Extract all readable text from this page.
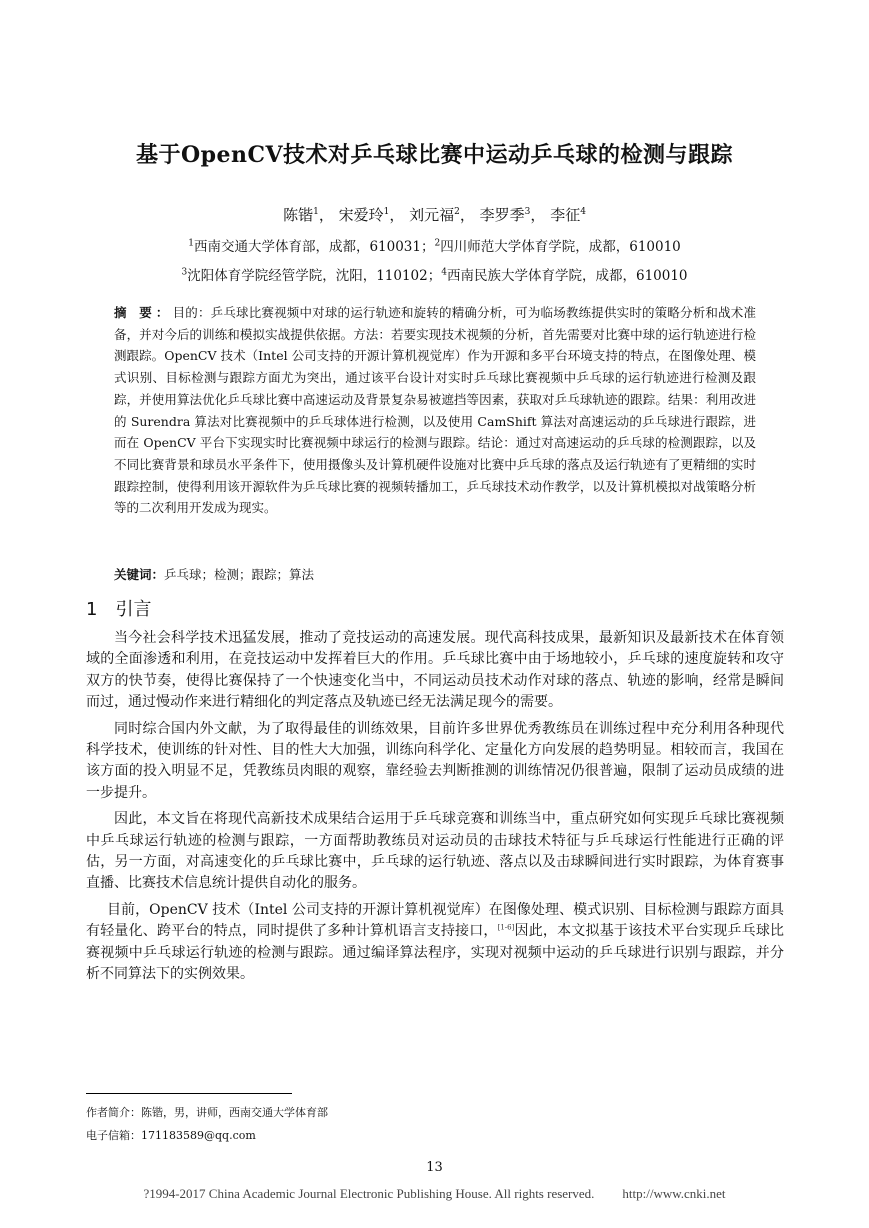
基于OpenCV技术对乒乓球比赛中运动乒乓球的检测与跟踪
陈锴$^1$， 宋爱玲$^1$， 刘元福$^2$， 李罗季$^3$， 李征$^4$
$^1$西南交通大学体育部，成都，610031；$^2$四川师范大学体育学院，成都，610010
$^3$沈阳体育学院经管学院，沈阳，110102；$^4$西南民族大学体育学院，成都，610010
摘 要：目的：乒乓球比赛视频中对球的运行轨迹和旋转的精确分析，可为临场教练提供实时的策略分析和战术准备，并对今后的训练和模拟实战提供依据。方法：若要实现技术视频的分析，首先需要对比赛中球的运行轨迹进行检测跟踪。OpenCV 技术（Intel 公司支持的开源计算机视觉库）作为开源和多平台环境支持的特点，在图像处理、模式识别、目标检测与跟踪方面尤为突出，通过该平台设计对实时乒乓球比赛视频中乒乓球的运行轨迹进行检测及跟踪，并使用算法优化乒乓球比赛中高速运动及背景复杂易被遮挡等因素，获取对乒乓球轨迹的跟踪。结果：利用改进的 Surendra 算法对比赛视频中的乒乓球体进行检测，以及使用 CamShift 算法对高速运动的乒乓球进行跟踪，进而在 OpenCV 平台下实现实时比赛视频中球运行的检测与跟踪。结论：通过对高速运动的乒乓球的检测跟踪，以及不同比赛背景和球员水平条件下，使用摄像头及计算机硬件设施对比赛中乒乓球的落点及运行轨迹有了更精细的实时跟踪控制，使得利用该开源软件为乒乓球比赛的视频转播加工，乒乓球技术动作教学，以及计算机模拟对战策略分析等的二次利用开发成为现实。
关键词：乒乓球；检测；跟踪；算法
1 引言

当今社会科学技术迅猛发展，推动了竞技运动的高速发展。现代高科技成果，最新知识及最新技术在体育领域的全面渗透和利用，在竞技运动中发挥着巨大的作用。乒乓球比赛中由于场地较小，乒乓球的速度旋转和攻守双方的快节奏，使得比赛保持了一个快速变化当中，不同运动员技术动作对球的落点、轨迹的影响，经常是瞬间而过，通过慢动作来进行精细化的判定落点及轨迹已经无法满足现今的需要。

同时综合国内外文献，为了取得最佳的训练效果，目前许多世界优秀教练员在训练过程中充分利用各种现代科学技术，使训练的针对性、目的性大大加强，训练向科学化、定量化方向发展的趋势明显。相较而言，我国在该方面的投入明显不足，凭教练员肉眼的观察，靠经验去判断推测的训练情况仍很普遍，限制了运动员成绩的进一步提升。

因此，本文旨在将现代高新技术成果结合运用于乒乓球竞赛和训练当中，重点研究如何实现乒乓球比赛视频中乒乓球运行轨迹的检测与跟踪，一方面帮助教练员对运动员的击球技术特征与乒乓球运行性能进行正确的评估，另一方面，对高速变化的乒乓球比赛中，乒乓球的运行轨迹、落点以及击球瞬间进行实时跟踪，为体育赛事直播、比赛技术信息统计提供自动化的服务。

目前，OpenCV 技术（Intel 公司支持的开源计算机视觉库）在图像处理、模式识别、目标检测与跟踪方面具有轻量化、跨平台的特点，同时提供了多种计算机语言支持接口，[1-6]因此，本文拟基于该技术平台实现乒乓球比赛视频中乒乓球运行轨迹的检测与跟踪。通过编译算法程序，实现对视频中运动的乒乓球进行识别与跟踪，并分析不同算法下的实例效果。

作者简介：陈锴，男，讲师，西南交通大学体育部
电子信箱：171183589@qq.com
13
?1994-2017 China Academic Journal Electronic Publishing House. All rights reserved. http://www.cnki.net
